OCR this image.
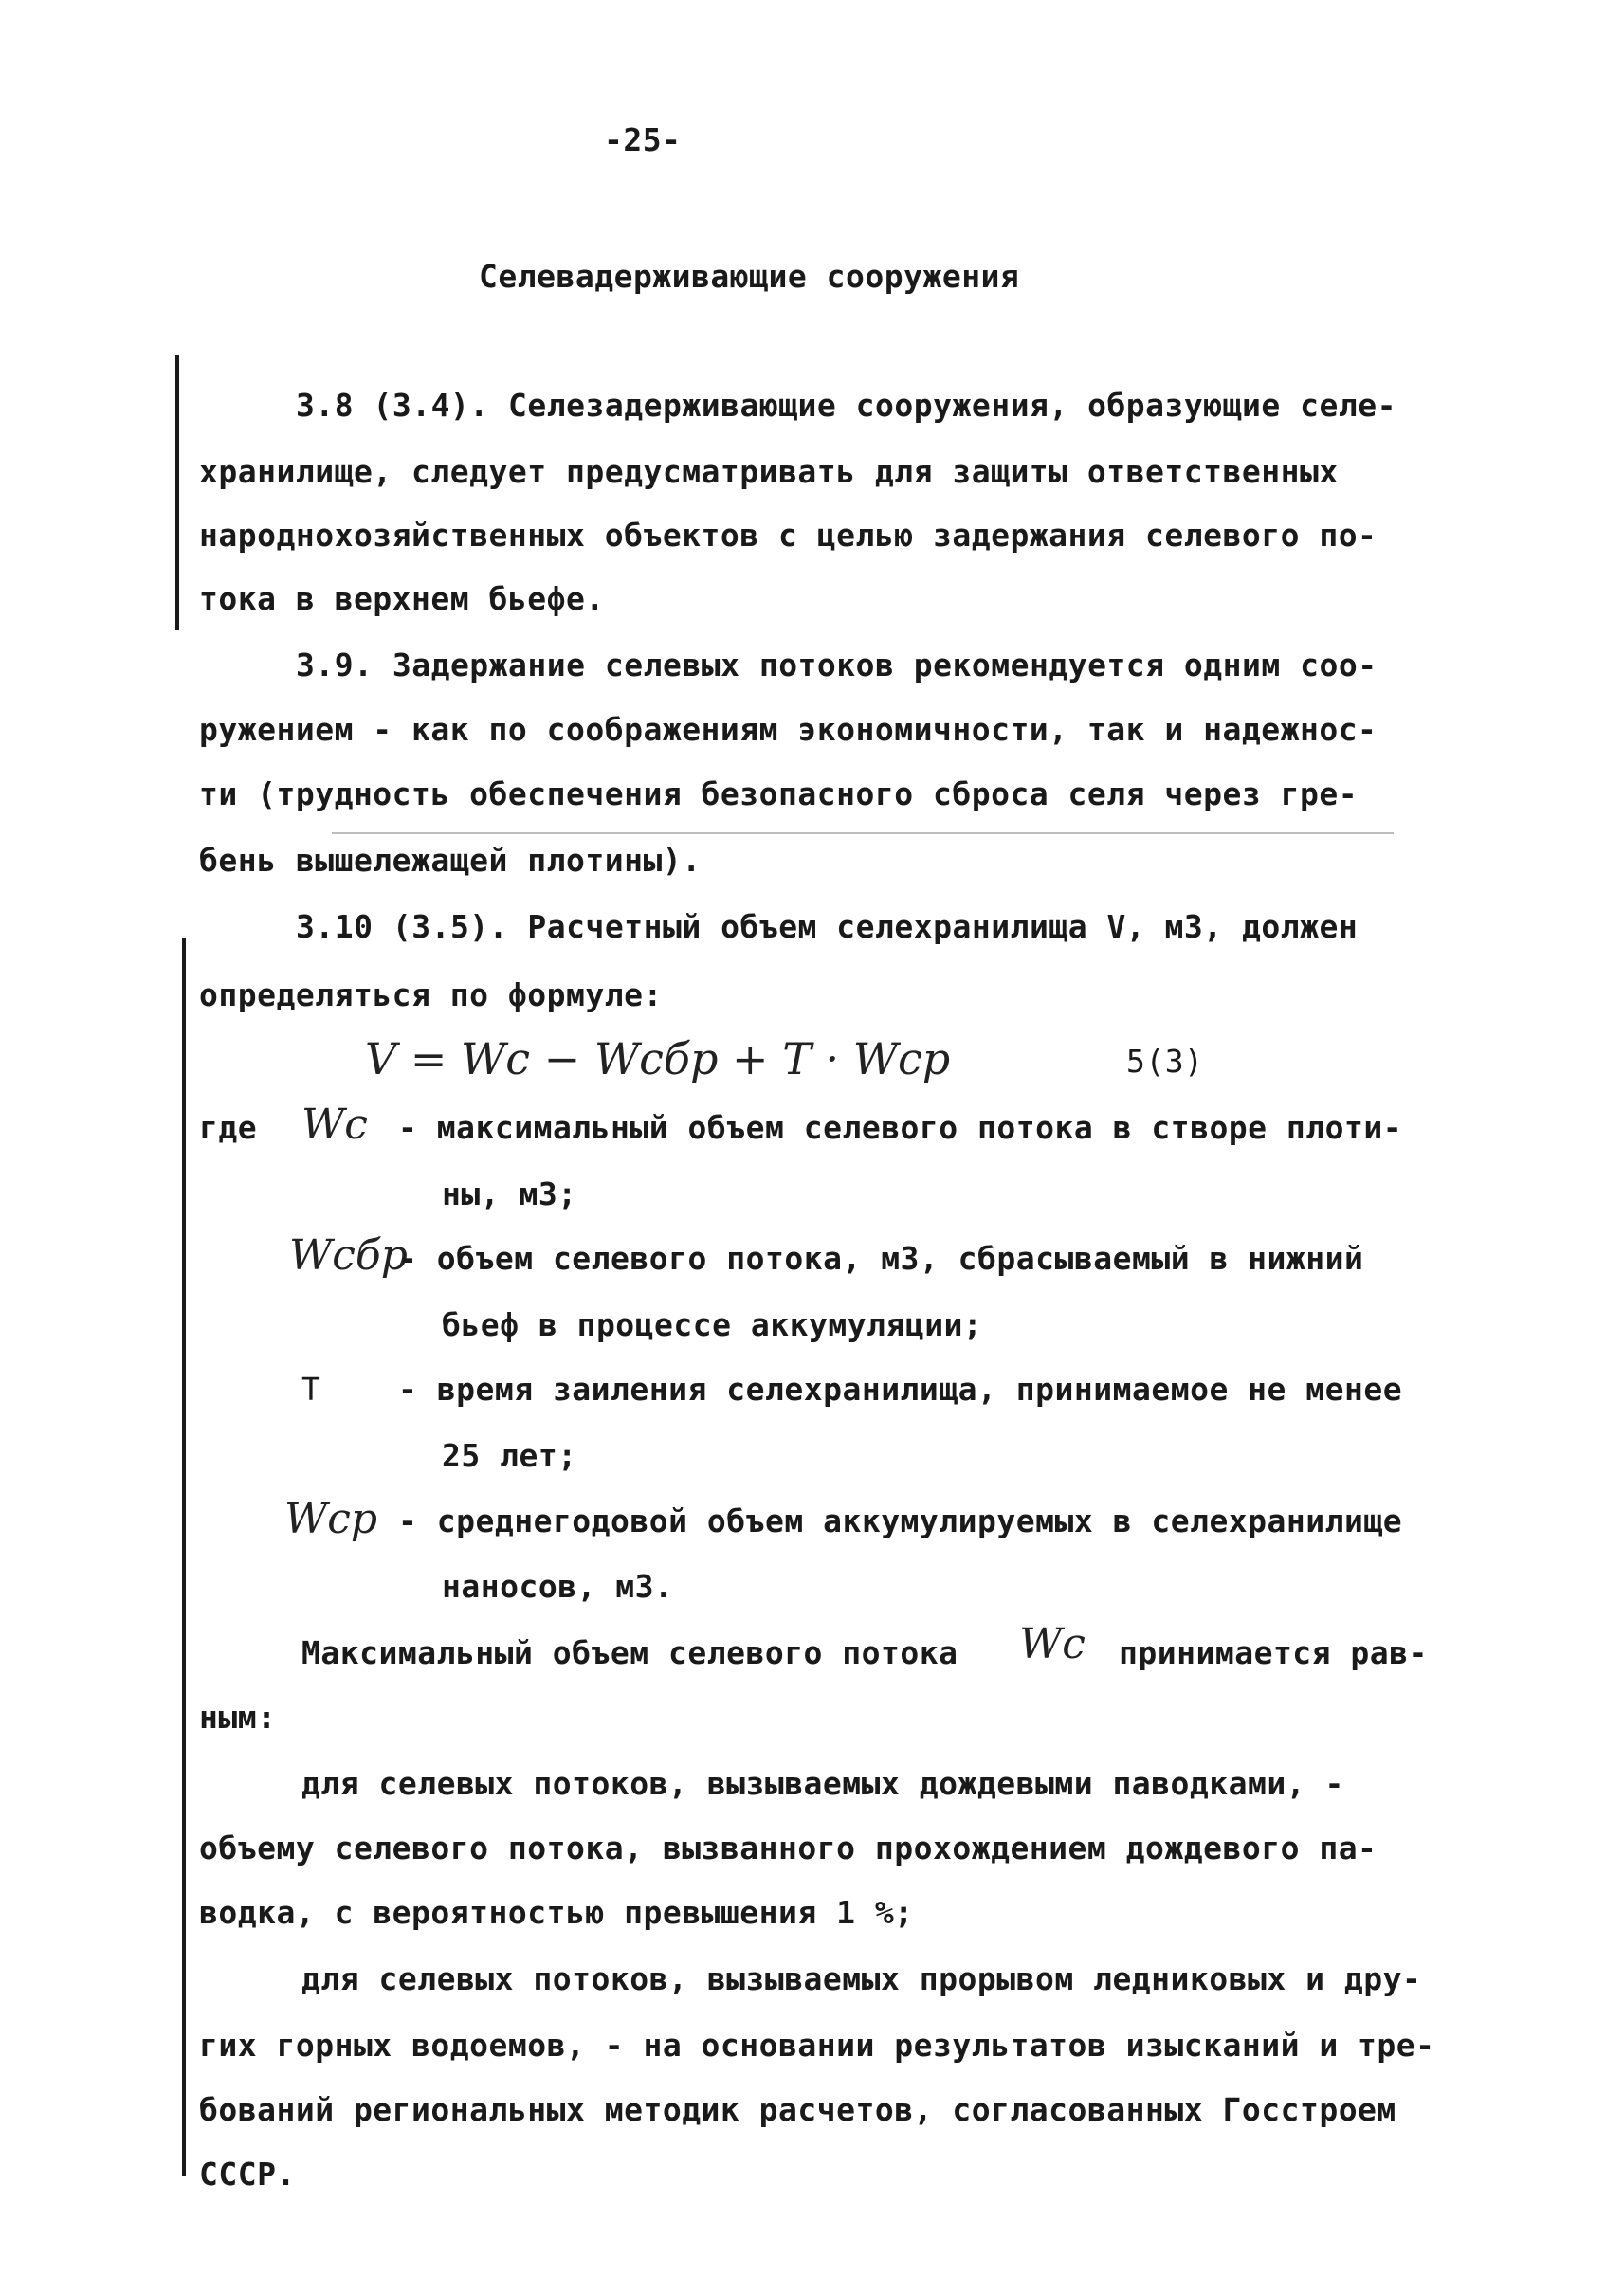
-25-
Селевадерживающие сооружения
3.8 (3.4). Селезадерживающие сооружения, образующие селе-
хранилище, следует предусматривать для защиты ответственных
народнохозяйственных объектов с целью задержания селевого по-
тока в верхнем бьефе.
3.9. Задержание селевых потоков рекомендуется одним соо-
ружением - как по соображениям экономичности, так и надежнос-
ти (трудность обеспечения безопасного сброса селя через гре-
бень вышележащей плотины).
3.10 (3.5). Расчетный объем селехранилища V, м3, должен
определяться по формуле:
V = Wc − Wcбр + T · Wср	5(3)
где Wc - максимальный объем селевого потока в створе плоти-
ны, м3;
Wcбр
- объем селевого потока, м3, сбрасываемый в нижний
бьеф в процессе аккумуляции;
Т - время заиления селехранилища, принимаемое не менее
25 лет;
Wср - среднегодовой объем аккумулируемых в селехранилище
наносов, м3.
Максимальный объем селевого потока Wc принимается рав-
ным:
для селевых потоков, вызываемых дождевыми паводками, -
объему селевого потока, вызванного прохождением дождевого па-
водка, с вероятностью превышения 1 %;
для селевых потоков, вызываемых прорывом ледниковых и дру-
гих горных водоемов, - на основании результатов изысканий и тре-
бований региональных методик расчетов, согласованных Госстроем
СССР.
